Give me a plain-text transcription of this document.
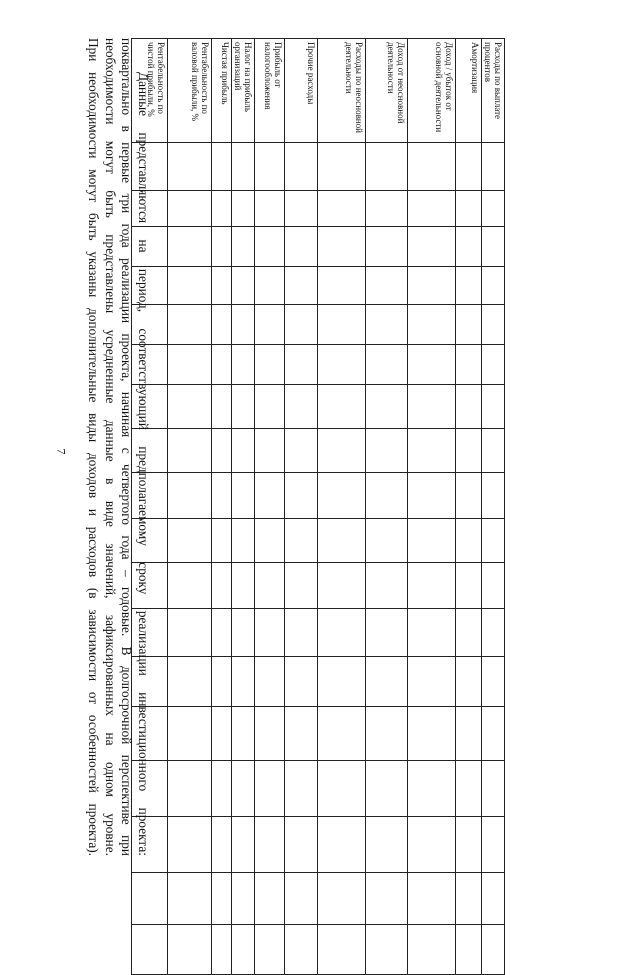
7
Расходы по выплате процентов																		
Амортизация																		
Доход / убыток от основной деятельности																		
Доход от неосновной деятельности																		
Расходы по неосновной деятельности																		
Прочие расходы																		
Прибыль от налогообложения																		
Налог на прибыль организаций																		
Чистая прибыль																		
Рентабельность по валовой прибыли, %																		
Рентабельность по чистой прибыли, %																		
Данные представляются на период, соответствующий предполагаемому сроку реализации инвестиционного проекта:
поквартально в первые три года реализации проекта, начиная с четвертого года – годовые. В долгосрочной перспективе при
необходимости могут быть представлены усредненные данные в виде значений, зафиксированных на одном уровне.
При необходимости могут быть указаны дополнительные виды доходов и расходов (в зависимости от особенностей проекта).
